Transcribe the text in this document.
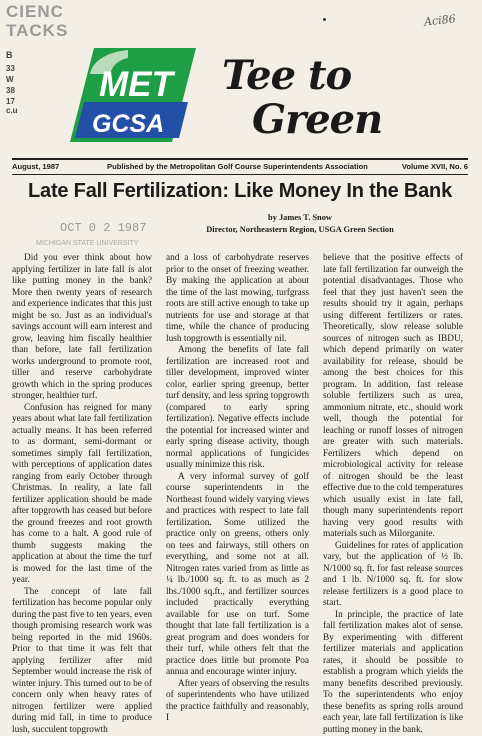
CIENC
TACKS
B
33
W
38
17
c.u
Aci86
MET
GCSA
Tee to
Green
August, 1987	Published by the Metropolitan Golf Course Superintendents Association	Volume XVII, No. 6
Late Fall Fertilization: Like Money In the Bank
OCT 0 2 1987
MICHIGAN STATE UNIVERSITY
by James T. Snow
Director, Northeastern Region, USGA Green Section

Did you ever think about how applying fertilizer in late fall is alot like putting money in the bank? More then twenty years of research and experience indicates that this just might be so. Just as an individual's savings account will earn interest and grow, leaving him fiscally healthier than before, late fall fertilization works underground to promote root, tiller and reserve carbohydrate growth which in the spring produces stronger, healthier turf.

Confusion has reigned for many years about what late fall fertilization actually means. It has been referred to as dormant, semi-dormant or sometimes simply fall fertilization, with perceptions of application dates ranging from early October through Christmas. In reality, a late fall fertilizer application should be made after topgrowth has ceased but before the ground freezes and root growth has come to a halt. A good rule of thumb suggests making the application at about the time the turf is mowed for the last time of the year.

The concept of late fall fertilization has become popular only during the past five to ten years, even though promising research work was being reported in the mid 1960s. Prior to that time it was felt that applying fertilizer after mid September would increase the risk of winter injury. This turned out to be of concern only when heavy rates of nitrogen fertilizer were applied during mid fall, in time to produce lush, succulent topgrowth

and a loss of carbohydrate reserves prior to the onset of freezing weather. By making the application at about the time of the last mowing, turfgrass roots are still active enough to take up nutrients for use and storage at that time, while the chance of producing lush topgrowth is essentially nil.

Among the benefits of late fall fertilization are increased root and tiller development, improved winter color, earlier spring greenup, better turf density, and less spring topgrowth (compared to early spring fertilization). Negative effects include the potential for increased winter and early spring disease activity, though normal applications of fungicides usually minimize this risk.

A very informal survey of golf course superintendents in the Northeast found widely varying views and practices with respect to late fall fertilization. Some utilized the practice only on greens, others only on tees and fairways, still others on everything, and some not at all. Nitrogen rates varied from as little as ¼ lb./1000 sq. ft. to as much as 2 lbs./1000 sq.ft., and fertilizer sources included practically everything available for use on turf. Some thought that late fall fertilization is a great program and does wonders for their turf, while others felt that the practice does little but promote Poa annua and encourage winter injury.

After years of observing the results of superintendents who have utilized the practice faithfully and reasonably, I

believe that the positive effects of late fall fertilization far outweigh the potential disadvantages. Those who feel that they just haven't seen the results should try it again, perhaps using different fertilizers or rates. Theoretically, slow release soluble sources of nitrogen such as IBDU, which depend primarily on water availability for release, should be among the best choices for this program. In addition, fast release soluble fertilizers such as urea, ammonium nitrate, etc., should work well, though the potential for leaching or runoff losses of nitrogen are greater with such materials. Fertilizers which depend on microbiological activity for release of nitrogen should be the least effective due to the cold temperatures which usually exist in late fall, though many superintendents report having very good results with materials such as Milorganite.

Guidelines for rates of application vary, but the application of ½ lb. N/1000 sq. ft. for fast release sources and 1 lb. N/1000 sq. ft. for slow release fertilizers is a good place to start.

In principle, the practice of late fall fertilization makes alot of sense. By experimenting with different fertilizer materials and application rates, it should be possible to establish a program which yields the many benefits described previously. To the superintendents who enjoy these benefits as spring rolls around each year, late fall fertilization is like putting money in the bank.
